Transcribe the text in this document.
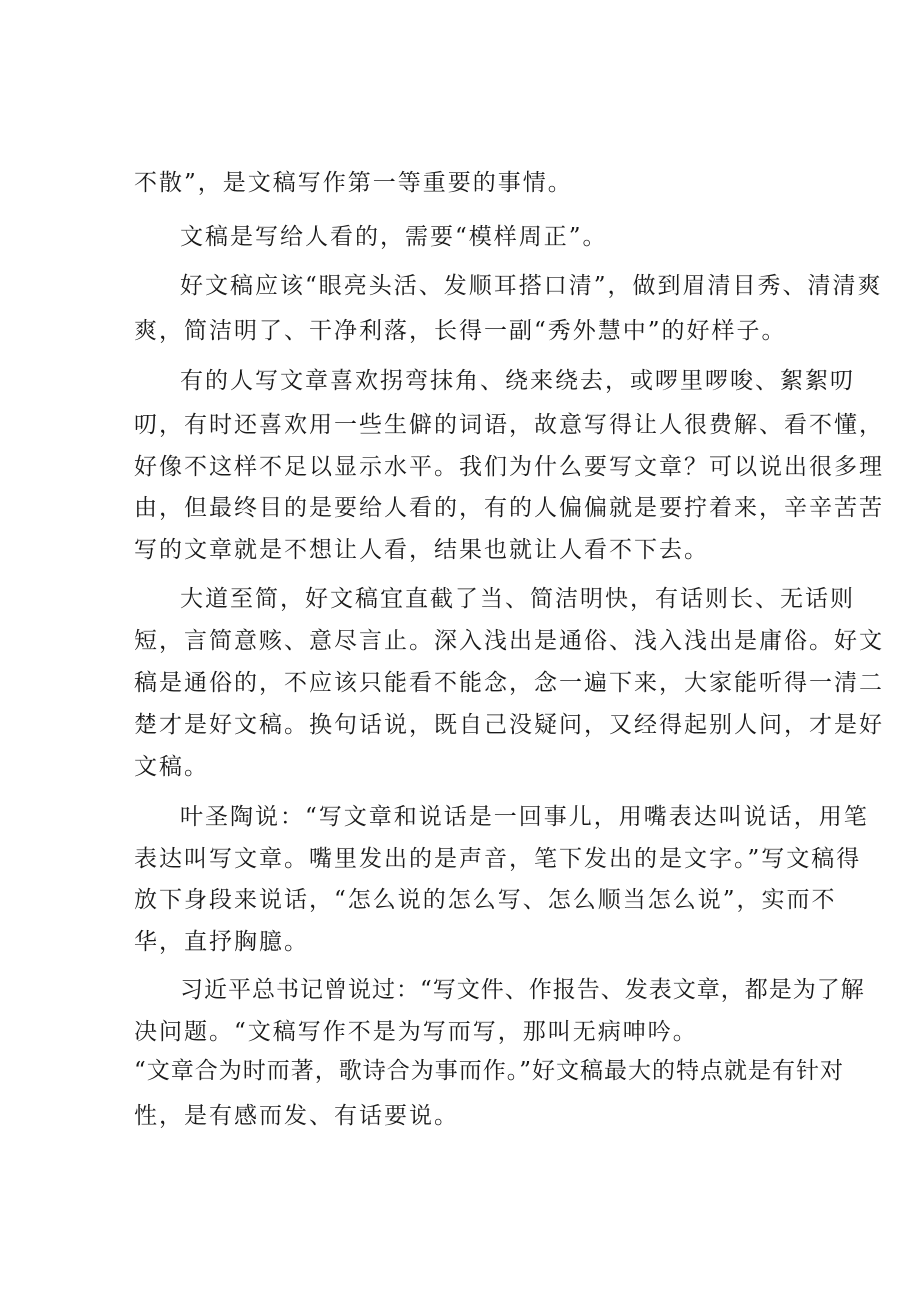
不散”，是文稿写作第一等重要的事情。
文稿是写给人看的，需要“模样周正”。
好文稿应该“眼亮头活、发顺耳搭口清”，做到眉清目秀、清清爽
爽，简洁明了、干净利落，长得一副“秀外慧中”的好样子。
有的人写文章喜欢拐弯抹角、绕来绕去，或啰里啰唆、絮絮叨
叨，有时还喜欢用一些生僻的词语，故意写得让人很费解、看不懂，
好像不这样不足以显示水平。我们为什么要写文章？可以说出很多理
由，但最终目的是要给人看的，有的人偏偏就是要拧着来，辛辛苦苦
写的文章就是不想让人看，结果也就让人看不下去。
大道至简，好文稿宜直截了当、简洁明快，有话则长、无话则
短，言简意赅、意尽言止。深入浅出是通俗、浅入浅出是庸俗。好文
稿是通俗的，不应该只能看不能念，念一遍下来，大家能听得一清二
楚才是好文稿。换句话说，既自己没疑问，又经得起别人问，才是好
文稿。
叶圣陶说：“写文章和说话是一回事儿，用嘴表达叫说话，用笔
表达叫写文章。嘴里发出的是声音，笔下发出的是文字。”写文稿得
放下身段来说话，“怎么说的怎么写、怎么顺当怎么说”，实而不
华，直抒胸臆。
习近平总书记曾说过：“写文件、作报告、发表文章，都是为了解
决问题。“文稿写作不是为写而写，那叫无病呻吟。
“文章合为时而著，歌诗合为事而作。”好文稿最大的特点就是有针对
性，是有感而发、有话要说。
